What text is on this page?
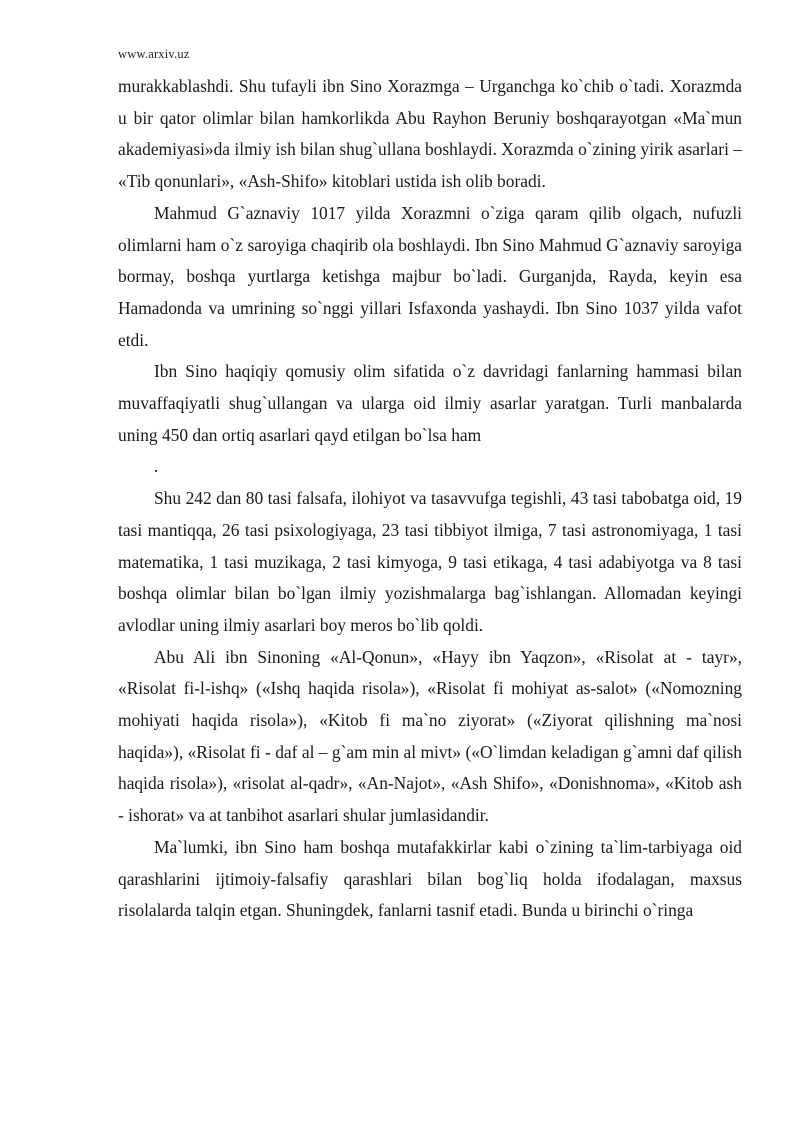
www.arxiv.uz

murakkablashdi. Shu tufayli ibn Sino Xorazmga – Urganchga ko`chib o`tadi. Xorazmda u bir qator olimlar bilan hamkorlikda Abu Rayhon Beruniy boshqarayotgan «Ma`mun akademiyasi»da ilmiy ish bilan shug`ullana boshlaydi. Xorazmda o`zining yirik asarlari – «Tib qonunlari», «Ash-Shifo» kitoblari ustida ish olib boradi.

Mahmud G`aznaviy 1017 yilda Xorazmni o`ziga qaram qilib olgach, nufuzli olimlarni ham o`z saroyiga chaqirib ola boshlaydi. Ibn Sino Mahmud G`aznaviy saroyiga bormay, boshqa yurtlarga ketishga majbur bo`ladi. Gurganjda, Rayda, keyin esa Hamadonda va umrining so`nggi yillari Isfaxonda yashaydi. Ibn Sino 1037 yilda vafot etdi.

Ibn Sino haqiqiy qomusiy olim sifatida o`z davridagi fanlarning hammasi bilan muvaffaqiyatli shug`ullangan va ularga oid ilmiy asarlar yaratgan. Turli manbalarda uning 450 dan ortiq asarlari qayd etilgan bo`lsa ham

.

Shu 242 dan 80 tasi falsafa, ilohiyot va tasavvufga tegishli, 43 tasi tabobatga oid, 19 tasi mantiqqa, 26 tasi psixologiyaga, 23 tasi tibbiyot ilmiga, 7 tasi astronomiyaga, 1 tasi matematika, 1 tasi muzikaga, 2 tasi kimyoga, 9 tasi etikaga, 4 tasi adabiyotga va 8 tasi boshqa olimlar bilan bo`lgan ilmiy yozishmalarga bag`ishlangan. Allomadan keyingi avlodlar uning ilmiy asarlari boy meros bo`lib qoldi.

Abu Ali ibn Sinoning «Al-Qonun», «Hayy ibn Yaqzon», «Risolat at - tayr», «Risolat fi-l-ishq» («Ishq haqida risola»), «Risolat fi mohiyat as-salot» («Nomozning mohiyati haqida risola»), «Kitob fi ma`no ziyorat» («Ziyorat qilishning ma`nosi haqida»), «Risolat fi - daf al – g`am min al mivt» («O`limdan keladigan g`amni daf qilish haqida risola»), «risolat al-qadr», «An-Najot», «Ash Shifo», «Donishnoma», «Kitob ash - ishorat» va at tanbihot asarlari shular jumlasidandir.

Ma`lumki, ibn Sino ham boshqa mutafakkirlar kabi o`zining ta`lim-tarbiyaga oid qarashlarini ijtimoiy-falsafiy qarashlari bilan bog`liq holda ifodalagan, maxsus risolalarda talqin etgan. Shuningdek, fanlarni tasnif etadi. Bunda u birinchi o`ringa
